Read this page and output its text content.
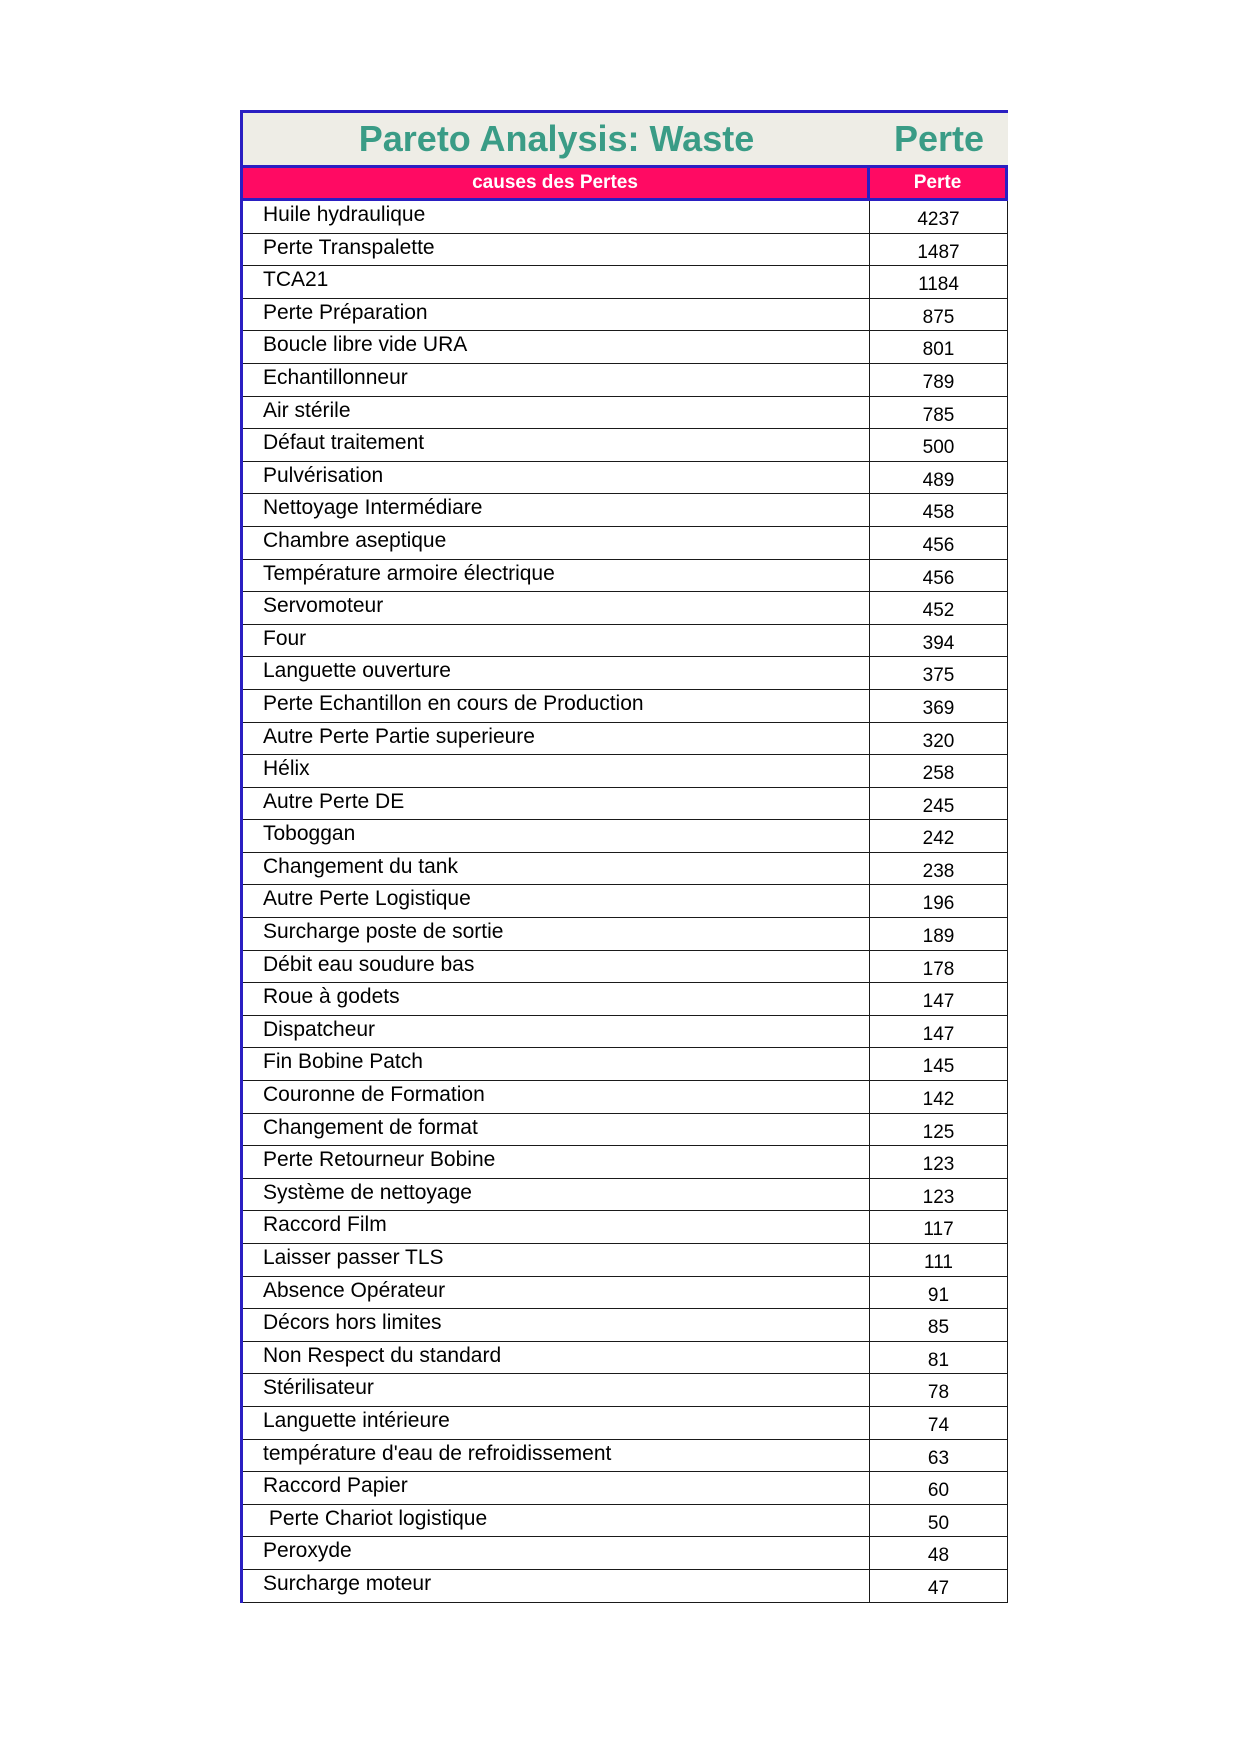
Pareto Analysis: Waste	Perte
causes des Pertes	Perte
Huile hydraulique	4237
Perte Transpalette	1487
TCA21	1184
Perte Préparation	875
Boucle libre vide URA	801
Echantillonneur	789
Air stérile	785
Défaut traitement	500
Pulvérisation	489
Nettoyage Intermédiare	458
Chambre aseptique	456
Température armoire électrique	456
Servomoteur	452
Four	394
Languette ouverture	375
Perte Echantillon en cours de Production	369
Autre Perte Partie superieure	320
Hélix	258
Autre Perte DE	245
Toboggan	242
Changement du tank	238
Autre Perte Logistique	196
Surcharge poste de sortie	189
Débit eau soudure bas	178
Roue à godets	147
Dispatcheur	147
Fin Bobine Patch	145
Couronne de Formation	142
Changement de format	125
Perte Retourneur Bobine	123
Système de nettoyage	123
Raccord Film	117
Laisser passer TLS	111
Absence Opérateur	91
Décors hors limites	85
Non Respect du standard	81
Stérilisateur	78
Languette intérieure	74
température d'eau de refroidissement	63
Raccord Papier	60
Perte Chariot logistique	50
Peroxyde	48
Surcharge moteur	47
